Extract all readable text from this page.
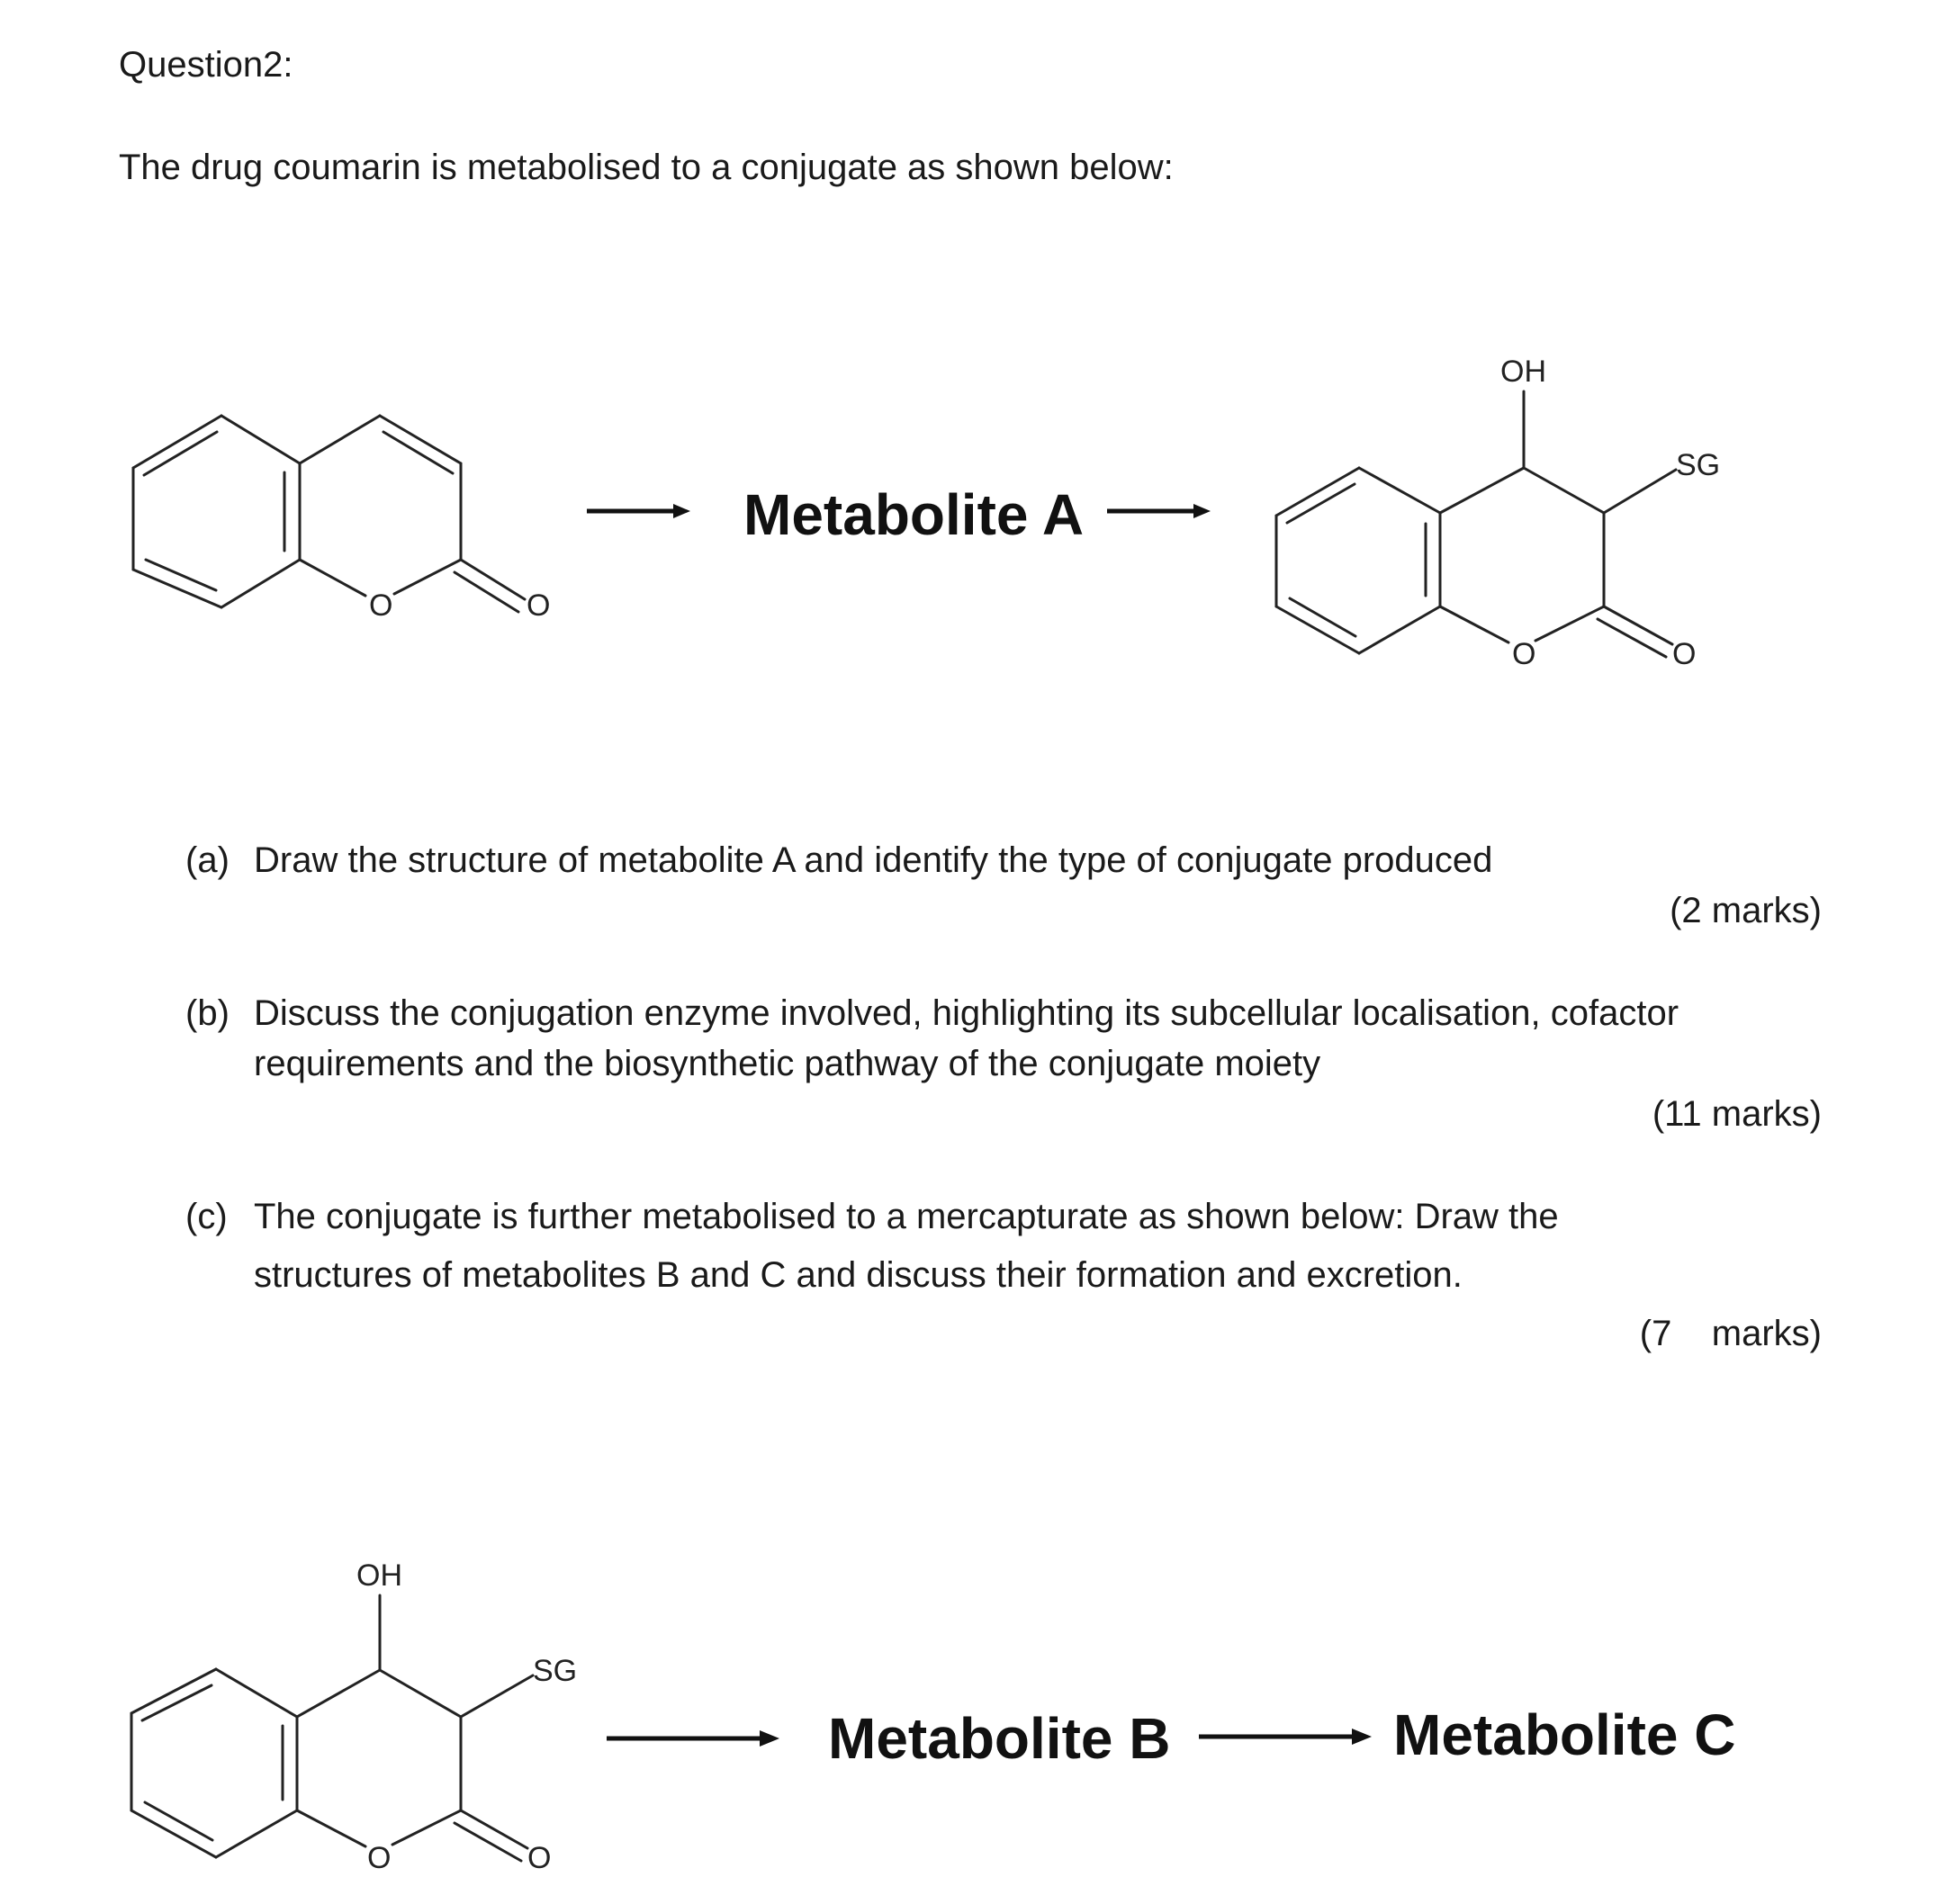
Question2:
The drug coumarin is metabolised to a conjugate as shown below:
O	O
Metabolite A
OH
SG
O	O
(a) Draw the structure of metabolite A and identify the type of conjugate produced
(2 marks)
(b) Discuss the conjugation enzyme involved, highlighting its subcellular localisation, cofactor
requirements and the biosynthetic pathway of the conjugate moiety
(11 marks)
(c) The conjugate is further metabolised to a mercapturate as shown below: Draw the
structures of metabolites B and C and discuss their formation and excretion.
(7    marks)
OH
SG
O	O
Metabolite B	Metabolite C
